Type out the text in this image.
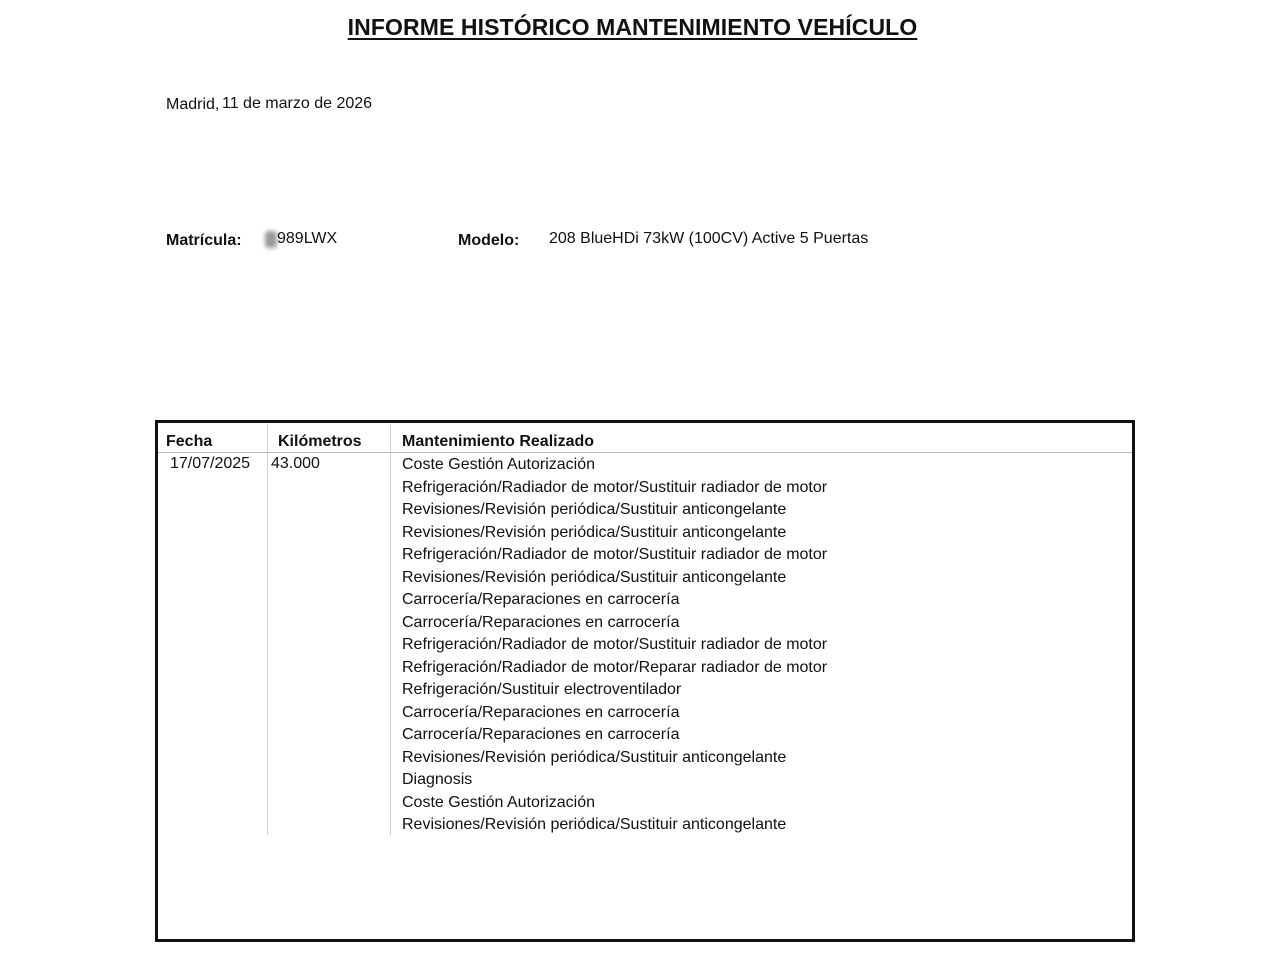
INFORME HISTÓRICO MANTENIMIENTO VEHÍCULO
Madrid, 11 de marzo de 2026
Matrícula: 989LWX	Modelo: 208 BlueHDi 73kW (100CV) Active 5 Puertas
Fecha	Kilómetros	Mantenimiento Realizado
17/07/2025 43.000	Coste Gestión Autorización
Refrigeración/Radiador de motor/Sustituir radiador de motor
Revisiones/Revisión periódica/Sustituir anticongelante
Revisiones/Revisión periódica/Sustituir anticongelante
Refrigeración/Radiador de motor/Sustituir radiador de motor
Revisiones/Revisión periódica/Sustituir anticongelante
Carrocería/Reparaciones en carrocería
Carrocería/Reparaciones en carrocería
Refrigeración/Radiador de motor/Sustituir radiador de motor
Refrigeración/Radiador de motor/Reparar radiador de motor
Refrigeración/Sustituir electroventilador
Carrocería/Reparaciones en carrocería
Carrocería/Reparaciones en carrocería
Revisiones/Revisión periódica/Sustituir anticongelante
Diagnosis
Coste Gestión Autorización
Revisiones/Revisión periódica/Sustituir anticongelante
